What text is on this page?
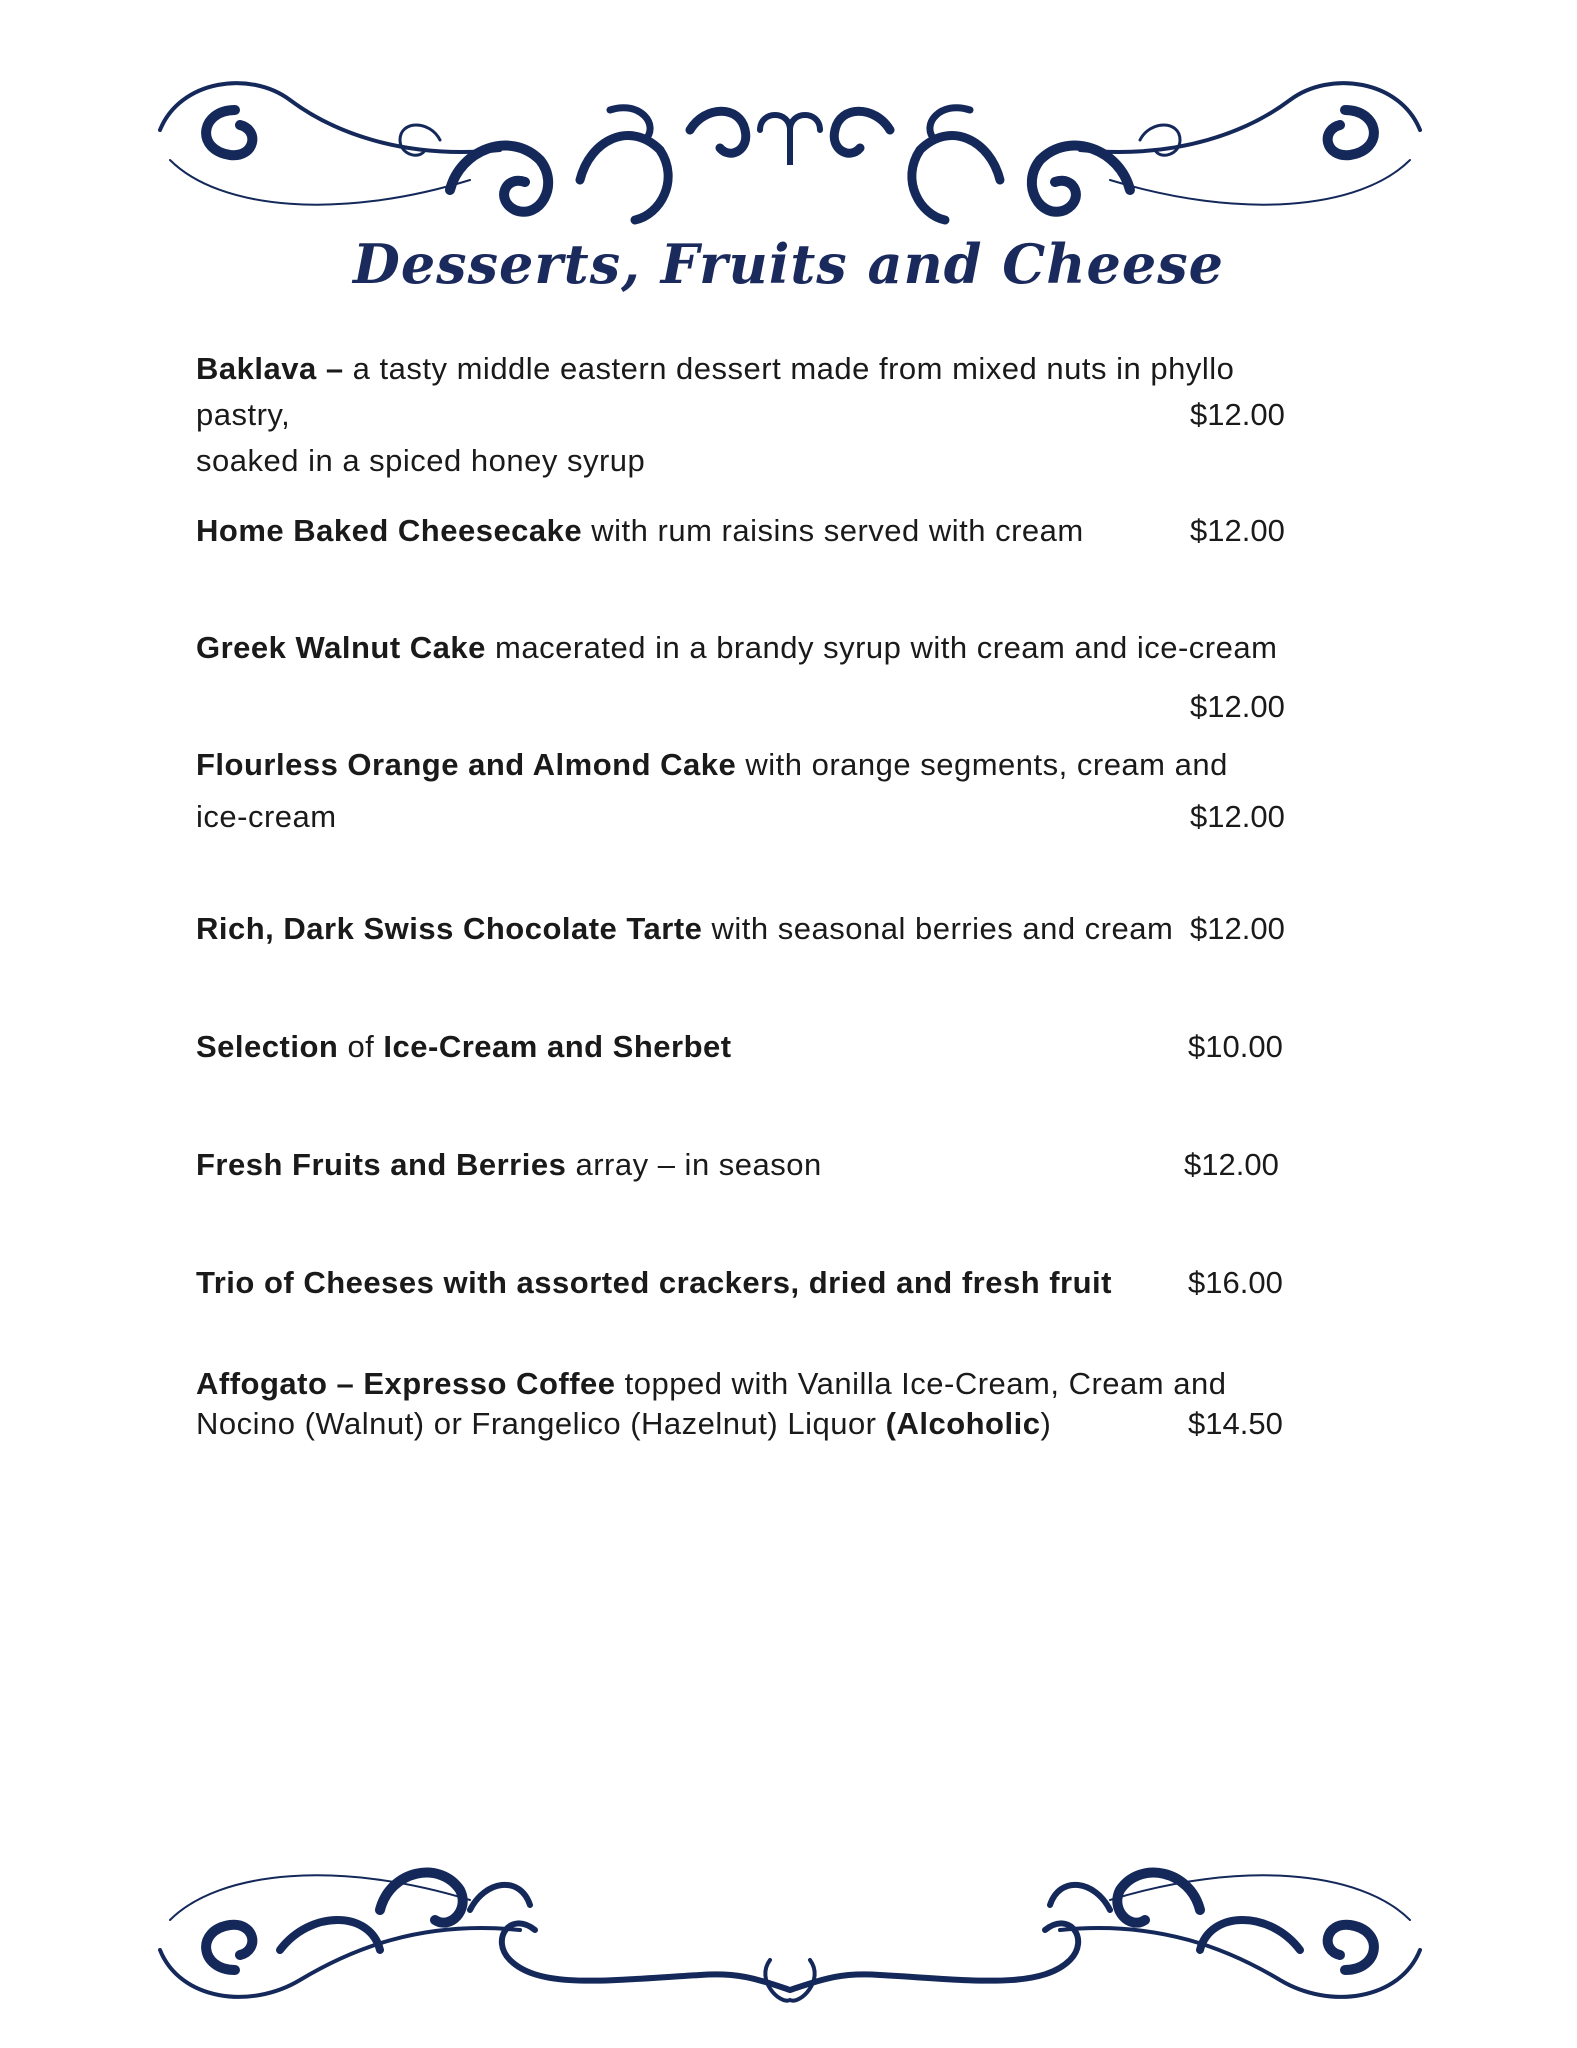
Desserts, Fruits and Cheese
Baklava – a tasty middle eastern dessert made from mixed nuts in phyllo pastry,
soaked in a spiced honey syrup
$12.00
Home Baked Cheesecake with rum raisins served with cream	$12.00
Greek Walnut Cake macerated in a brandy syrup with cream and ice-cream
$12.00
Flourless Orange and Almond Cake with orange segments, cream and
ice-cream	$12.00
Rich, Dark Swiss Chocolate Tarte with seasonal berries and cream $12.00
Selection of Ice-Cream and Sherbet	$10.00
Fresh Fruits and Berries array – in season	$12.00
Trio of Cheeses with assorted crackers, dried and fresh fruit	$16.00
Affogato – Expresso Coffee topped with Vanilla Ice-Cream, Cream and
Nocino (Walnut) or Frangelico (Hazelnut) Liquor (Alcoholic)	$14.50
